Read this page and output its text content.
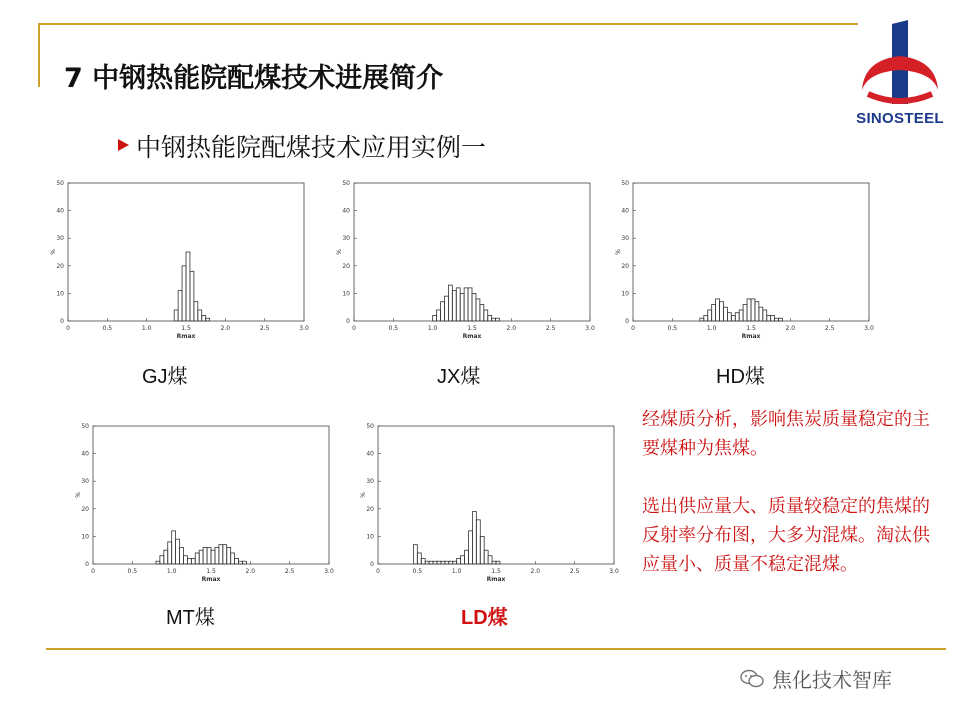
7 中钢热能院配煤技术进展简介
中钢热能院配煤技术应用实例一
SINOSTEEL
0
10
20
30
40
50
0	0.5	1.0	1.5	2.0	2.5	3.0
Rmax
%
0
10
20
30
40
50
0	0.5	1.0	1.5	2.0	2.5	3.0
Rmax
%
0
10
20
30
40
50
0	0.5	1.0	1.5	2.0	2.5	3.0
Rmax
%
0
10
20
30
40
50
0	0.5	1.0	1.5	2.0	2.5	3.0
Rmax
%
0
10
20
30
40
50
0	0.5	1.0	1.5	2.0	2.5	3.0
Rmax
%
GJ煤	JX煤	HD煤
MT煤	LD煤
经煤质分析，影响焦炭质量稳定的主要煤种为焦煤。
选出供应量大、质量较稳定的焦煤的反射率分布图，大多为混煤。淘汰供应量小、质量不稳定混煤。
焦化技术智库
